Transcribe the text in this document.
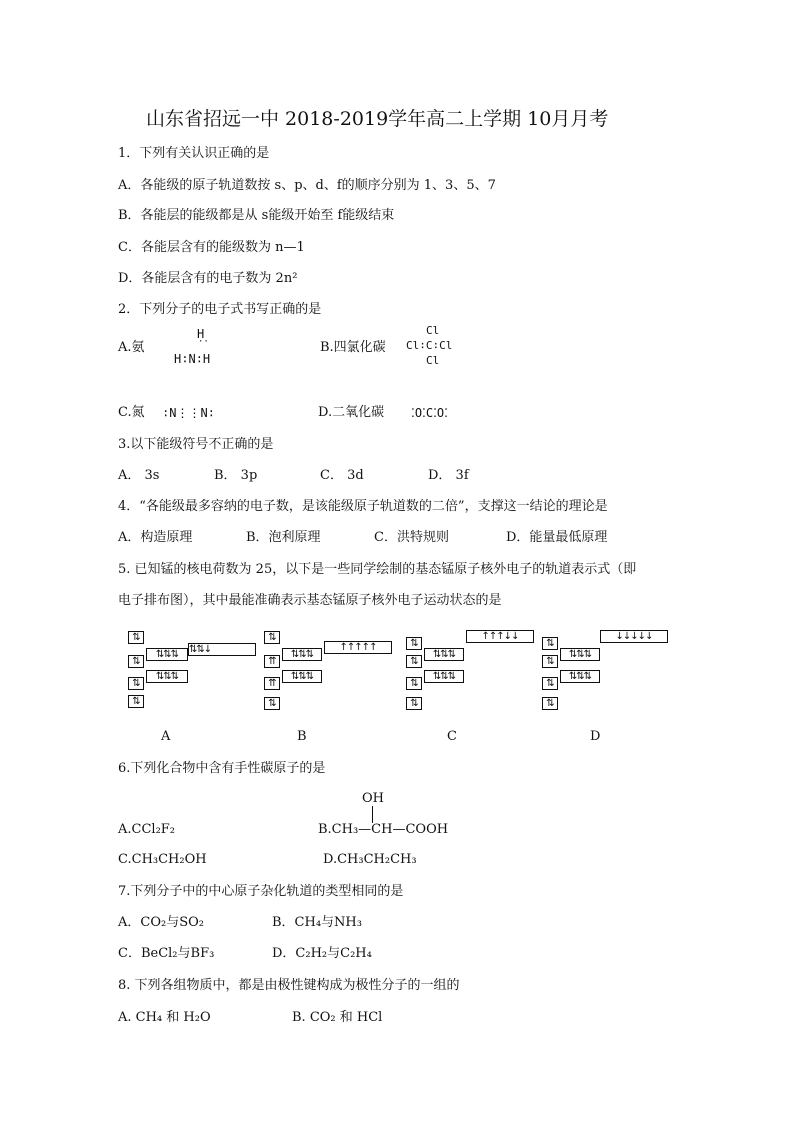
山东省招远一中 2018-2019学年高二上学期 10月月考
1．下列有关认识正确的是
A．各能级的原子轨道数按 s、p、d、f的顺序分别为 1、3、5、7
B．各能层的能级都是从 s能级开始至 f能级结束
C．各能层含有的能级数为 n—1
D．各能层含有的电子数为 2n²
2．下列分子的电子式书写正确的是
A.氨
H
··
H∶N∶H
B.四氯化碳
Cl
Cl∶C∶Cl
Cl
C.氮 ∶N⋮⋮N∶	D.二氧化碳 ⁚O⁚C⁚O⁚
3.以下能级符号不正确的是
A． 3s	B． 3p	C． 3d	D． 3f
4．“各能级最多容纳的电子数，是该能级原子轨道数的二倍”，支撑这一结论的理论是
A．构造原理	B．泡利原理	C．洪特规则	D．能量最低原理
5. 已知锰的核电荷数为 25，以下是一些同学绘制的基态锰原子核外电子的轨道表示式（即
电子排布图），其中最能准确表示基态锰原子核外电子运动状态的是
⇅
⇅
⇅⇅⇅	⇅⇅↓
⇅
⇅⇅⇅
⇅
⇅
⇈
⇅⇅⇅
↑↑↑↑↑
⇈
⇅⇅⇅
⇅
⇅
↑↑↑↓↓
⇅
⇅⇅⇅
⇅
⇅⇅⇅
⇅
⇅
↓↓↓↓↓
⇅
⇅⇅⇅
⇅
⇅⇅⇅
⇅
A	B	C	D
6.下列化合物中含有手性碳原子的是
OH
A.CCl₂F₂	B.CH₃—CH—COOH
C.CH₃CH₂OH	D.CH₃CH₂CH₃
7.下列分子中的中心原子杂化轨道的类型相同的是
A．CO₂与SO₂	B．CH₄与NH₃
C．BeCl₂与BF₃	D．C₂H₂与C₂H₄
8. 下列各组物质中，都是由极性键构成为极性分子的一组的
A. CH₄ 和 H₂O	B. CO₂ 和 HCl
